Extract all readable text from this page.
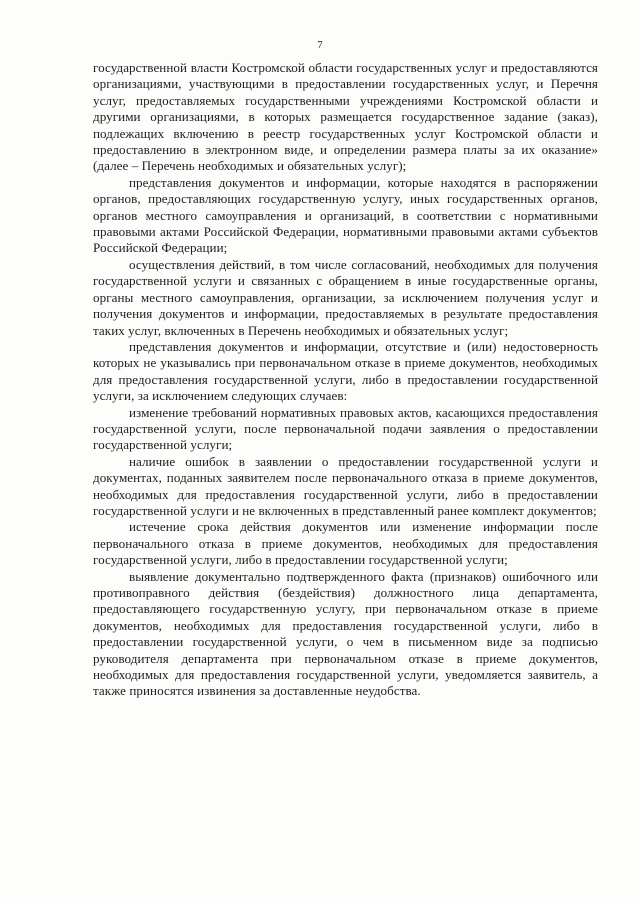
7

государственной власти Костромской области государственных услуг и предоставляются организациями, участвующими в предоставлении государственных услуг, и Перечня услуг, предоставляемых государственными учреждениями Костромской области и другими организациями, в которых размещается государственное задание (заказ), подлежащих включению в реестр государственных услуг Костромской области и предоставлению в электронном виде, и определении размера платы за их оказание» (далее – Перечень необходимых и обязательных услуг);

представления документов и информации, которые находятся в распоряжении органов, предоставляющих государственную услугу, иных государственных органов, органов местного самоуправления и организаций, в соответствии с нормативными правовыми актами Российской Федерации, нормативными правовыми актами субъектов Российской Федерации;

осуществления действий, в том числе согласований, необходимых для получения государственной услуги и связанных с обращением в иные государственные органы, органы местного самоуправления, организации, за исключением получения услуг и получения документов и информации, предоставляемых в результате предоставления таких услуг, включенных в Перечень необходимых и обязательных услуг;

представления документов и информации, отсутствие и (или) недостоверность которых не указывались при первоначальном отказе в приеме документов, необходимых для предоставления государственной услуги, либо в предоставлении государственной услуги, за исключением следующих случаев:

изменение требований нормативных правовых актов, касающихся предоставления государственной услуги, после первоначальной подачи заявления о предоставлении государственной услуги;

наличие ошибок в заявлении о предоставлении государственной услуги и документах, поданных заявителем после первоначального отказа в приеме документов, необходимых для предоставления государственной услуги, либо в предоставлении государственной услуги и не включенных в представленный ранее комплект документов;

истечение срока действия документов или изменение информации после первоначального отказа в приеме документов, необходимых для предоставления государственной услуги, либо в предоставлении государственной услуги;

выявление документально подтвержденного факта (признаков) ошибочного или противоправного действия (бездействия) должностного лица департамента, предоставляющего государственную услугу, при первоначальном отказе в приеме документов, необходимых для предоставления государственной услуги, либо в предоставлении государственной услуги, о чем в письменном виде за подписью руководителя департамента при первоначальном отказе в приеме документов, необходимых для предоставления государственной услуги, уведомляется заявитель, а также приносятся извинения за доставленные неудобства.
